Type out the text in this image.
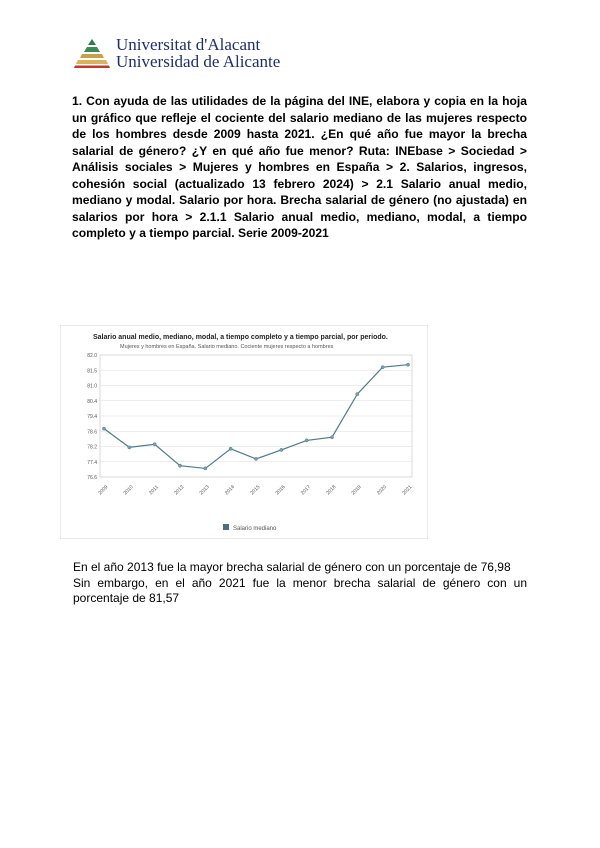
Universitat d'Alacant
Universidad de Alicante
1. Con ayuda de las utilidades de la página del INE, elabora y copia en la hoja un gráfico que refleje el cociente del salario mediano de las mujeres respecto de los hombres desde 2009 hasta 2021. ¿En qué año fue mayor la brecha salarial de género? ¿Y en qué año fue menor? Ruta: INEbase > Sociedad > Análisis sociales > Mujeres y hombres en España > 2. Salarios, ingresos, cohesión social (actualizado 13 febrero 2024) > 2.1 Salario anual medio, mediano y modal. Salario por hora. Brecha salarial de género (no ajustada) en salarios por hora > 2.1.1 Salario anual medio, mediano, modal, a tiempo completo y a tiempo parcial. Serie 2009-2021
Salario anual medio, mediano, modal, a tiempo completo y a tiempo parcial, por periodo.
Mujeres y hombres en España. Salario mediano. Cociente mujeres respecto a hombres
76.6
77.4
78.2
78.6
79.4
80.4
81.0
81.5
82.0
2009	2010	2011	2012	2013	2014	2015	2016	2017	2018	2019	2020	2021
Salario mediano

En el año 2013 fue la mayor brecha salarial de género con un porcentaje de 76,98

Sin embargo, en el año 2021 fue la menor brecha salarial de género con un porcentaje de 81,57
